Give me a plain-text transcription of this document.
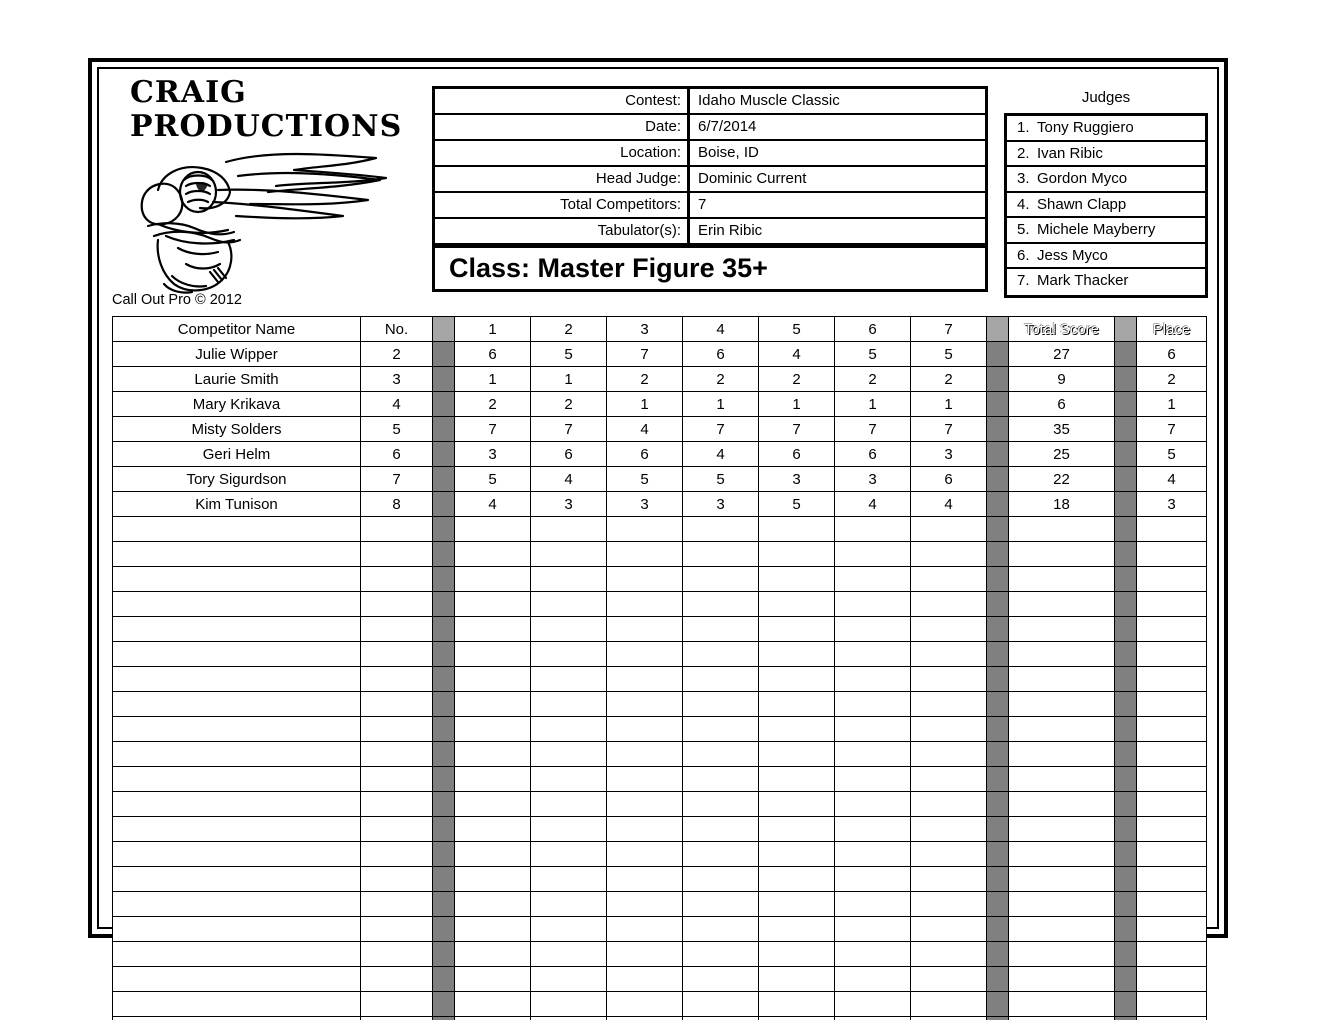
CRAIG
PRODUCTIONS
Call Out Pro © 2012
Contest:	Idaho Muscle Classic
Date:	6/7/2014
Location:	Boise, ID
Head Judge:	Dominic Current
Total Competitors:	7
Tabulator(s):	Erin Ribic
Class: Master Figure 35+
Judges
1. Tony Ruggiero
2. Ivan Ribic
3. Gordon Myco
4. Shawn Clapp
5. Michele Mayberry
6. Jess Myco
7. Mark Thacker
Competitor Name	No.		1	2	3	4	5	6	7		Total Score		Place
Julie Wipper	2		6	5	7	6	4	5	5		27		6
Laurie Smith	3		1	1	2	2	2	2	2		9		2
Mary Krikava	4		2	2	1	1	1	1	1		6		1
Misty Solders	5		7	7	4	7	7	7	7		35		7
Geri Helm	6		3	6	6	4	6	6	3		25		5
Tory Sigurdson	7		5	4	5	5	3	3	6		22		4
Kim Tunison	8		4	3	3	3	5	4	4		18		3
